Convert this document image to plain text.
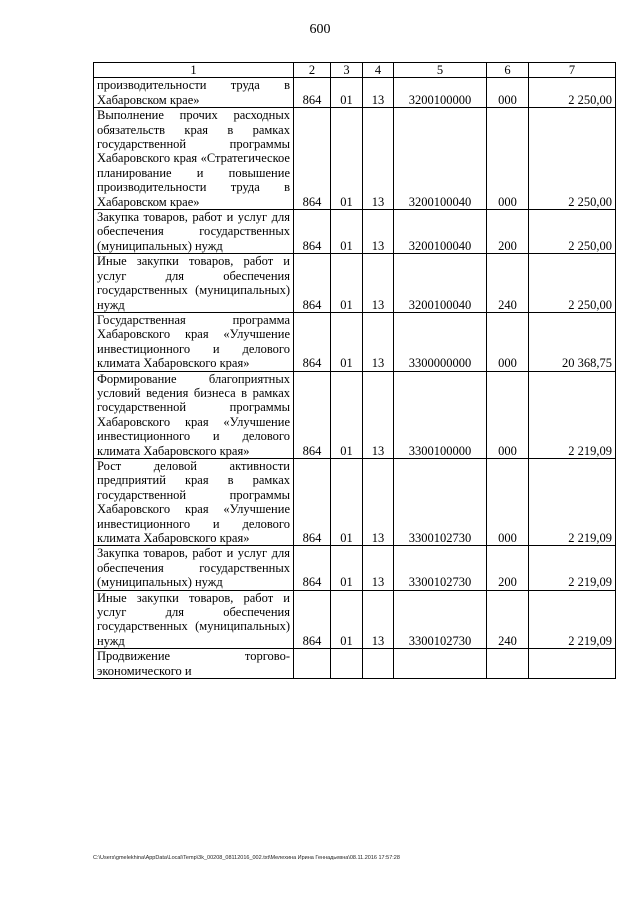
600
1	2	3	4	5	6	7
производительности труда в Хабаровском крае»	864	01	13	3200100000	000	2 250,00
Выполнение прочих расходных обязательств края в рамках государственной программы Хабаровского края «Стратегическое планирование и повышение производительности труда в Хабаровском крае»	864	01	13	3200100040	000	2 250,00
Закупка товаров, работ и услуг для обеспечения государственных (муниципальных) нужд	864	01	13	3200100040	200	2 250,00
Иные закупки товаров, работ и услуг для обеспечения государственных (муниципальных) нужд	864	01	13	3200100040	240	2 250,00
Государственная программа Хабаровского края «Улучшение инвестиционного и делового климата Хабаровского края»	864	01	13	3300000000	000	20 368,75
Формирование благоприятных условий ведения бизнеса в рамках государственной программы Хабаровского края «Улучшение инвестиционного и делового климата Хабаровского края»	864	01	13	3300100000	000	2 219,09
Рост деловой активности предприятий края в рамках государственной программы Хабаровского края «Улучшение инвестиционного и делового климата Хабаровского края»	864	01	13	3300102730	000	2 219,09
Закупка товаров, работ и услуг для обеспечения государственных (муниципальных) нужд	864	01	13	3300102730	200	2 219,09
Иные закупки товаров, работ и услуг для обеспечения государственных (муниципальных) нужд	864	01	13	3300102730	240	2 219,09
Продвижение торгово-экономического и						
C:\Users\gmelekhina\AppData\Local\Temp\3k_00208_08112016_002.txt\Мелехина Ирина Геннадьевна\08.11.2016 17:57:28
